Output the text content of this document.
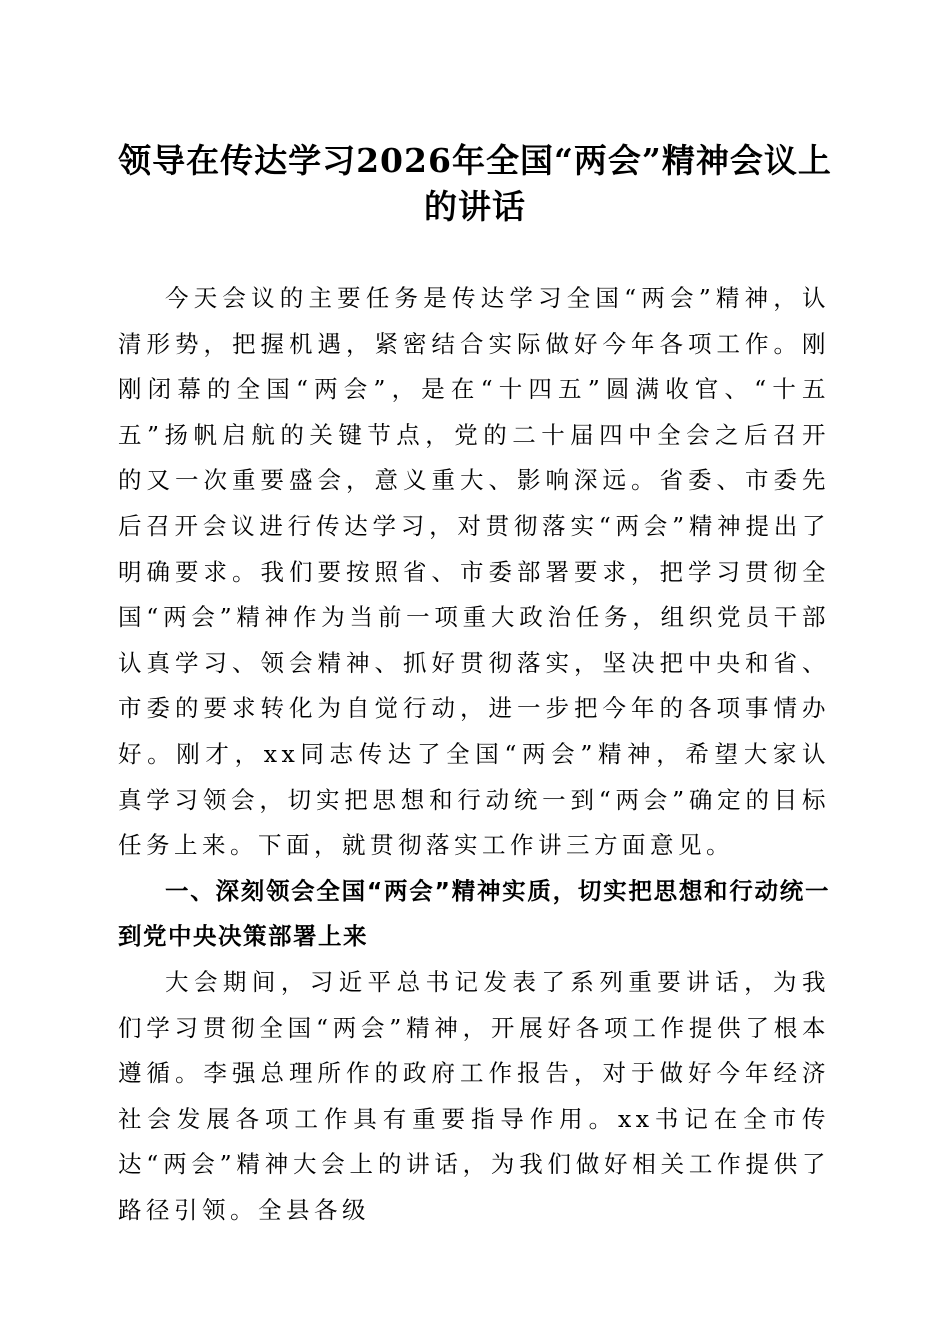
领导在传达学习2026年全国“两会”精神会议上的讲话

今天会议的主要任务是传达学习全国“两会”精神，认清形势，把握机遇，紧密结合实际做好今年各项工作。刚刚闭幕的全国“两会”，是在“十四五”圆满收官、“十五五”扬帆启航的关键节点，党的二十届四中全会之后召开的又一次重要盛会，意义重大、影响深远。省委、市委先后召开会议进行传达学习，对贯彻落实“两会”精神提出了明确要求。我们要按照省、市委部署要求，把学习贯彻全国“两会”精神作为当前一项重大政治任务，组织党员干部认真学习、领会精神、抓好贯彻落实，坚决把中央和省、市委的要求转化为自觉行动，进一步把今年的各项事情办好。刚才，xx同志传达了全国“两会”精神，希望大家认真学习领会，切实把思想和行动统一到“两会”确定的目标任务上来。下面，就贯彻落实工作讲三方面意见。

一、深刻领会全国“两会”精神实质，切实把思想和行动统一到党中央决策部署上来

大会期间，习近平总书记发表了系列重要讲话，为我们学习贯彻全国“两会”精神，开展好各项工作提供了根本遵循。李强总理所作的政府工作报告，对于做好今年经济社会发展各项工作具有重要指导作用。xx书记在全市传达“两会”精神大会上的讲话，为我们做好相关工作提供了路径引领。全县各级
